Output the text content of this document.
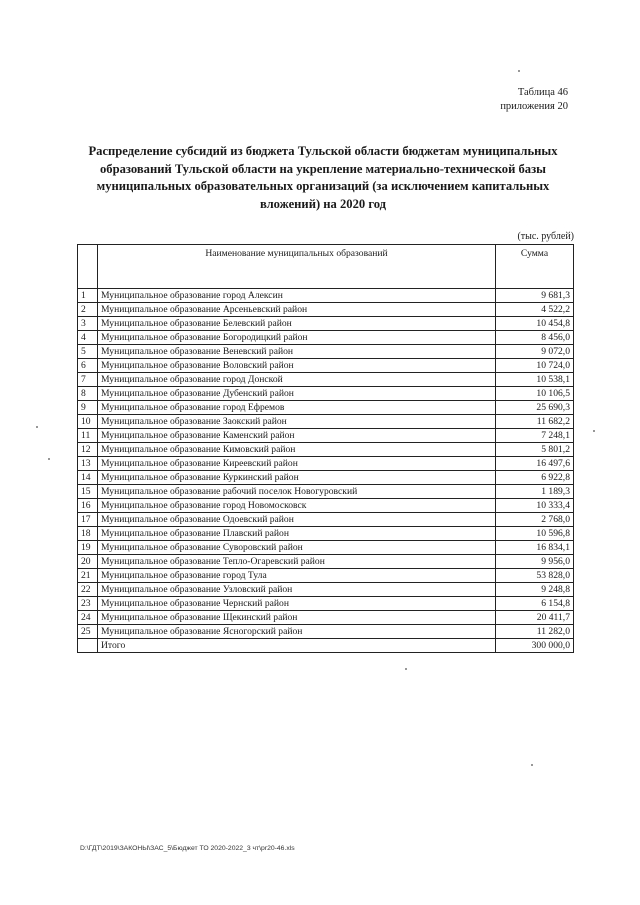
Таблица 46
приложения 20
Распределение субсидий из бюджета Тульской области бюджетам муниципальных образований Тульской области на укрепление материально-технической базы муниципальных образовательных организаций (за исключением капитальных вложений) на 2020 год
(тыс. рублей)
	Наименование муниципальных образований	Сумма
1	Муниципальное образование город Алексин	9 681,3
2	Муниципальное образование Арсеньевский район	4 522,2
3	Муниципальное образование Белевский район	10 454,8
4	Муниципальное образование Богородицкий район	8 456,0
5	Муниципальное образование Веневский район	9 072,0
6	Муниципальное образование Воловский район	10 724,0
7	Муниципальное образование город Донской	10 538,1
8	Муниципальное образование Дубенский район	10 106,5
9	Муниципальное образование город Ефремов	25 690,3
10	Муниципальное образование Заокский район	11 682,2
11	Муниципальное образование Каменский район	7 248,1
12	Муниципальное образование Кимовский район	5 801,2
13	Муниципальное образование Киреевский район	16 497,6
14	Муниципальное образование Куркинский район	6 922,8
15	Муниципальное образование рабочий поселок Новогуровский	1 189,3
16	Муниципальное образование город Новомосковск	10 333,4
17	Муниципальное образование Одоевский район	2 768,0
18	Муниципальное образование Плавский район	10 596,8
19	Муниципальное образование Суворовский район	16 834,1
20	Муниципальное образование Тепло-Огаревский район	9 956,0
21	Муниципальное образование город Тула	53 828,0
22	Муниципальное образование Узловский район	9 248,8
23	Муниципальное образование Чернский район	6 154,8
24	Муниципальное образование Щекинский район	20 411,7
25	Муниципальное образование Ясногорский район	11 282,0
	Итого	300 000,0
D:\ГДТ\2019\ЗАКОНЫ\ЗАС_5\Бюджет ТО 2020-2022_3 чт\pr20-46.xls
